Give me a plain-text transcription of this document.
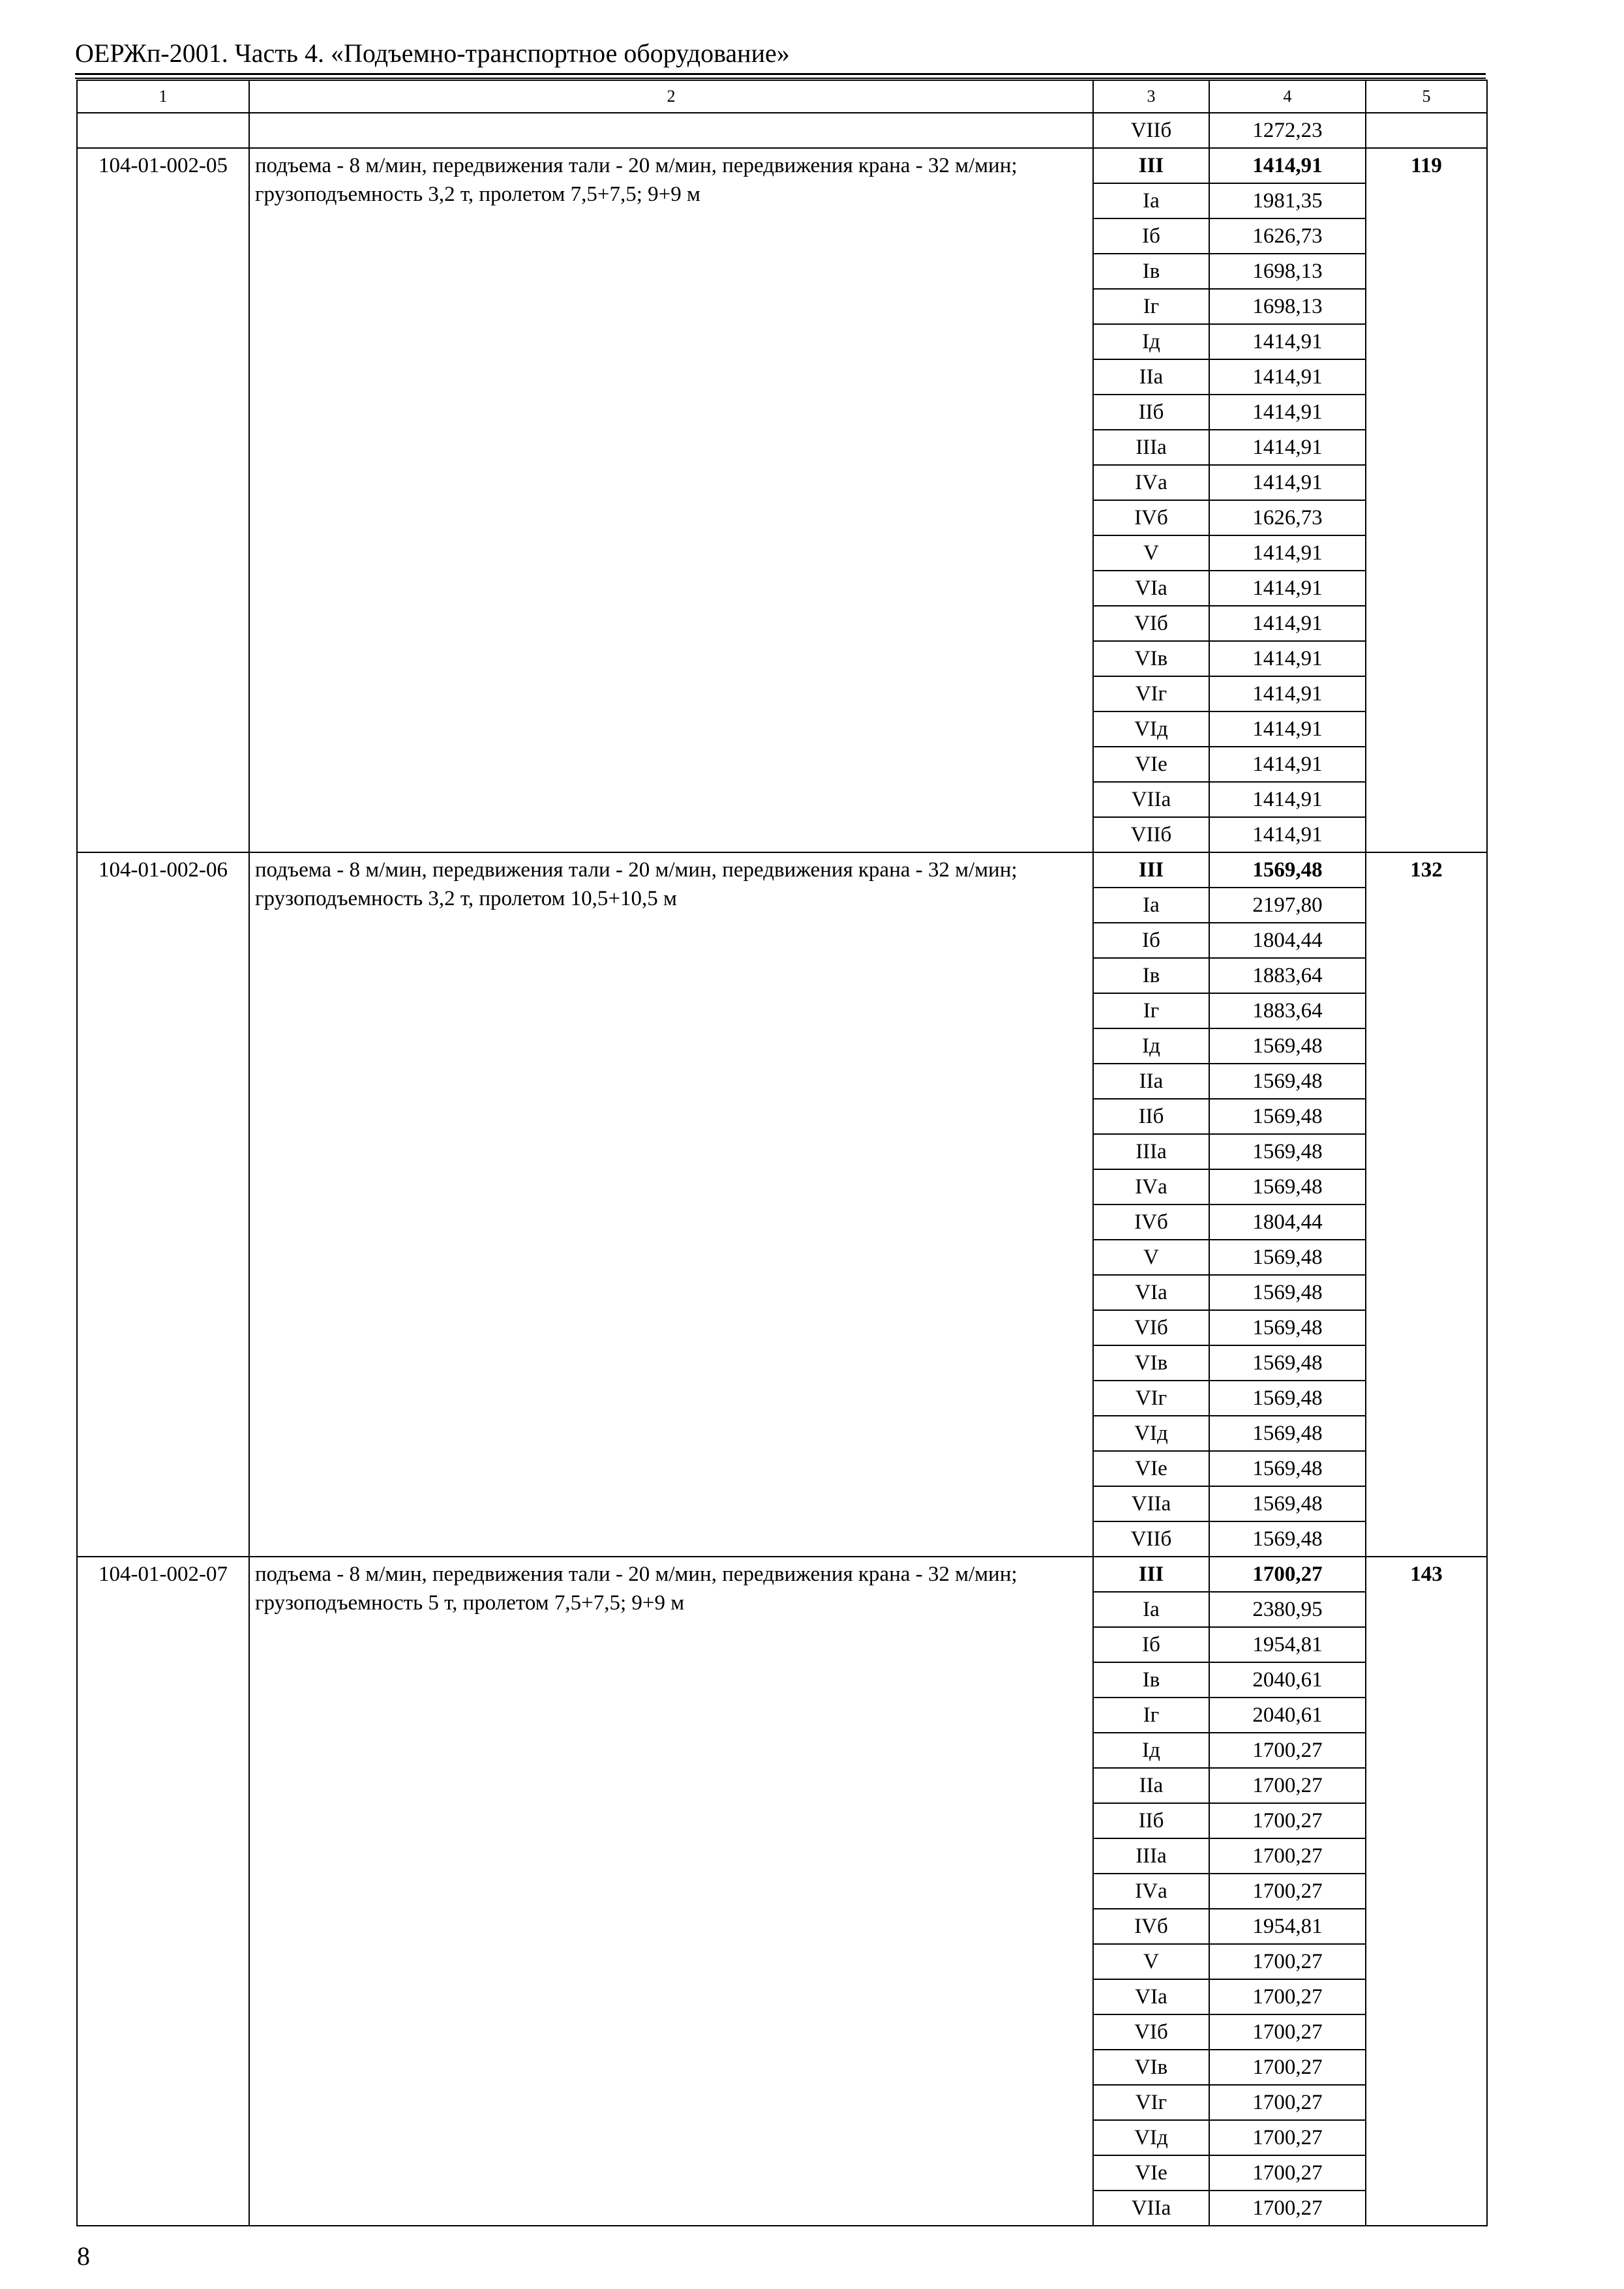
ОЕРЖп-2001. Часть 4. «Подъемно-транспортное оборудование»
1	2	3	4	5
		VIIб	1272,23	
104-01-002-05	подъема - 8 м/мин, передвижения тали - 20 м/мин, передвижения крана - 32 м/мин; грузоподъемность 3,2 т, пролетом 7,5+7,5; 9+9 м	III	1414,91	119
		Iа	1981,35	
		Iб	1626,73	
		Iв	1698,13	
		Iг	1698,13	
		Iд	1414,91	
		IIа	1414,91	
		IIб	1414,91	
		IIIа	1414,91	
		IVа	1414,91	
		IVб	1626,73	
		V	1414,91	
		VIа	1414,91	
		VIб	1414,91	
		VIв	1414,91	
		VIг	1414,91	
		VIд	1414,91	
		VIе	1414,91	
		VIIа	1414,91	
		VIIб	1414,91	
104-01-002-06	подъема - 8 м/мин, передвижения тали - 20 м/мин, передвижения крана - 32 м/мин; грузоподъемность 3,2 т, пролетом 10,5+10,5 м	III	1569,48	132
		Iа	2197,80	
		Iб	1804,44	
		Iв	1883,64	
		Iг	1883,64	
		Iд	1569,48	
		IIа	1569,48	
		IIб	1569,48	
		IIIа	1569,48	
		IVа	1569,48	
		IVб	1804,44	
		V	1569,48	
		VIа	1569,48	
		VIб	1569,48	
		VIв	1569,48	
		VIг	1569,48	
		VIд	1569,48	
		VIе	1569,48	
		VIIа	1569,48	
		VIIб	1569,48	
104-01-002-07	подъема - 8 м/мин, передвижения тали - 20 м/мин, передвижения крана - 32 м/мин; грузоподъемность 5 т, пролетом 7,5+7,5; 9+9 м	III	1700,27	143
		Iа	2380,95	
		Iб	1954,81	
		Iв	2040,61	
		Iг	2040,61	
		Iд	1700,27	
		IIа	1700,27	
		IIб	1700,27	
		IIIа	1700,27	
		IVа	1700,27	
		IVб	1954,81	
		V	1700,27	
		VIа	1700,27	
		VIб	1700,27	
		VIв	1700,27	
		VIг	1700,27	
		VIд	1700,27	
		VIе	1700,27	
		VIIа	1700,27	
8
